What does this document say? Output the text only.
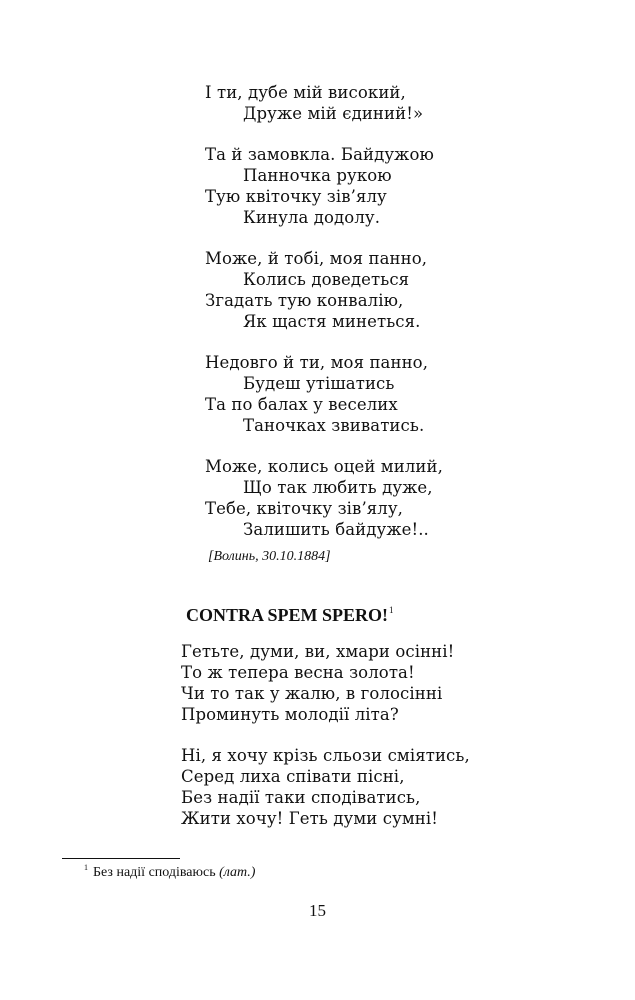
І ти, дубе мій високий,
Друже мій єдиний!»
Та й замовкла. Байдужою
Панночка рукою
Тую квіточку зів’ялу
Кинула додолу.
Може, й тобі, моя панно,
Колись доведеться
Згадать тую конвалію,
Як щастя минеться.
Недовго й ти, моя панно,
Будеш утішатись
Та по балах у веселих
Таночках звиватись.
Може, колись оцей милий,
Що так любить дуже,
Тебе, квіточку зів’ялу,
Залишить байдуже!..
[Волинь, 30.10.1884]
CONTRA SPEM SPERO!$^1$
Гетьте, думи, ви, хмари осінні!
То ж тепера весна золота!
Чи то так у жалю, в голосінні
Проминуть молодії літа?
Ні, я хочу крізь сльози сміятись,
Серед лиха співати пісні,
Без надії таки сподіватись,
Жити хочу! Геть думи сумні!
$^1$ Без надії сподіваюсь (лат.)
15
